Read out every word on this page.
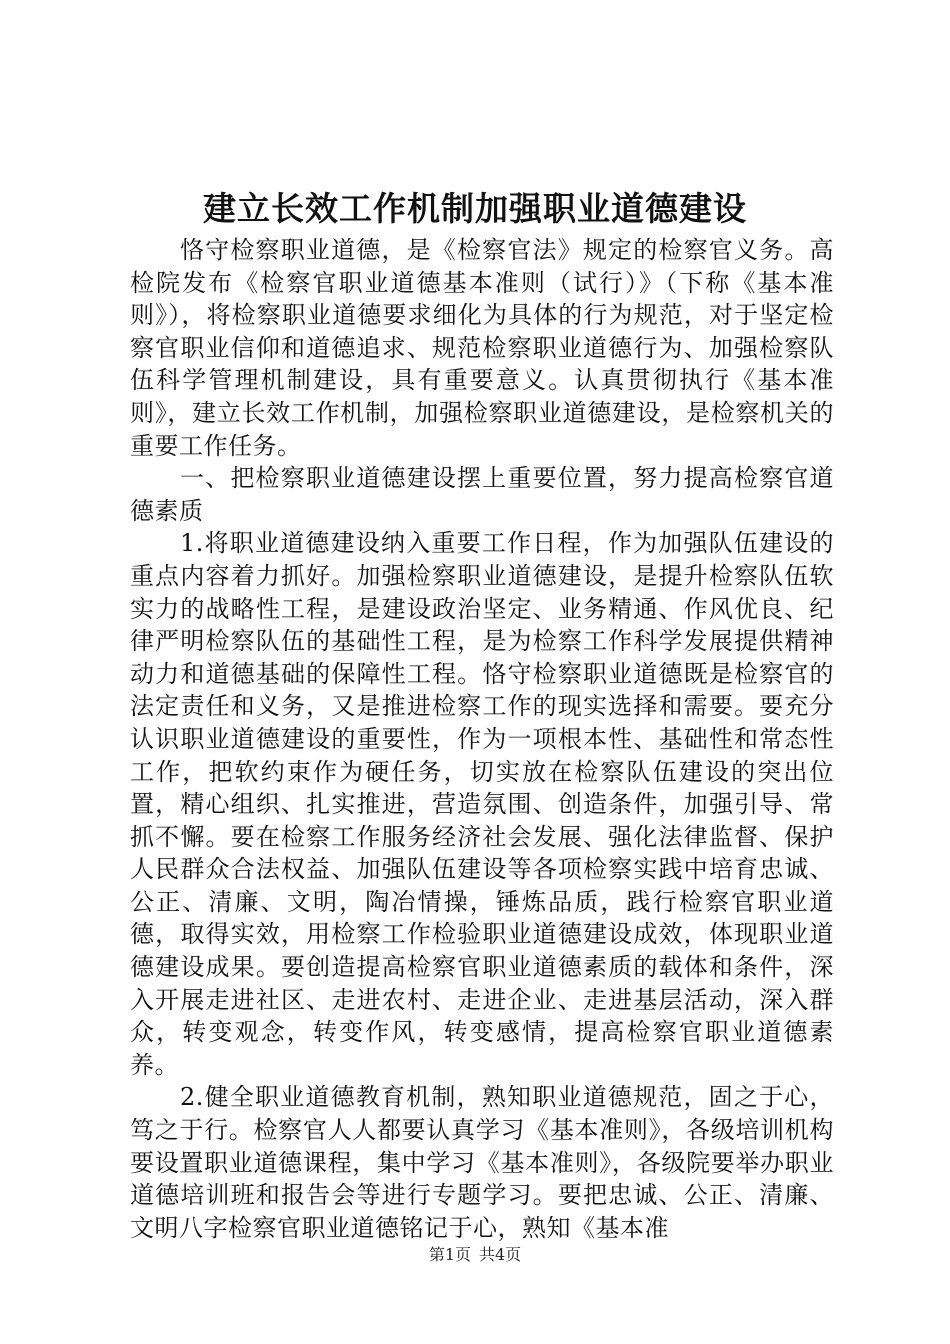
建立长效工作机制加强职业道德建设

恪守检察职业道德，是《检察官法》规定的检察官义务。高检院发布《检察官职业道德基本准则（试行）》（下称《基本准则》），将检察职业道德要求细化为具体的行为规范，对于坚定检察官职业信仰和道德追求、规范检察职业道德行为、加强检察队伍科学管理机制建设，具有重要意义。认真贯彻执行《基本准则》，建立长效工作机制，加强检察职业道德建设，是检察机关的重要工作任务。

一、把检察职业道德建设摆上重要位置，努力提高检察官道德素质

1.将职业道德建设纳入重要工作日程，作为加强队伍建设的重点内容着力抓好。加强检察职业道德建设，是提升检察队伍软实力的战略性工程，是建设政治坚定、业务精通、作风优良、纪律严明检察队伍的基础性工程，是为检察工作科学发展提供精神动力和道德基础的保障性工程。恪守检察职业道德既是检察官的法定责任和义务，又是推进检察工作的现实选择和需要。要充分认识职业道德建设的重要性，作为一项根本性、基础性和常态性工作，把软约束作为硬任务，切实放在检察队伍建设的突出位置，精心组织、扎实推进，营造氛围、创造条件，加强引导、常抓不懈。要在检察工作服务经济社会发展、强化法律监督、保护人民群众合法权益、加强队伍建设等各项检察实践中培育忠诚、公正、清廉、文明，陶冶情操，锤炼品质，践行检察官职业道德，取得实效，用检察工作检验职业道德建设成效，体现职业道德建设成果。要创造提高检察官职业道德素质的载体和条件，深入开展走进社区、走进农村、走进企业、走进基层活动，深入群众，转变观念，转变作风，转变感情，提高检察官职业道德素养。

2.健全职业道德教育机制，熟知职业道德规范，固之于心，笃之于行。检察官人人都要认真学习《基本准则》，各级培训机构要设置职业道德课程，集中学习《基本准则》，各级院要举办职业道德培训班和报告会等进行专题学习。要把忠诚、公正、清廉、文明八字检察官职业道德铭记于心，熟知《基本准

第1页 共4页
